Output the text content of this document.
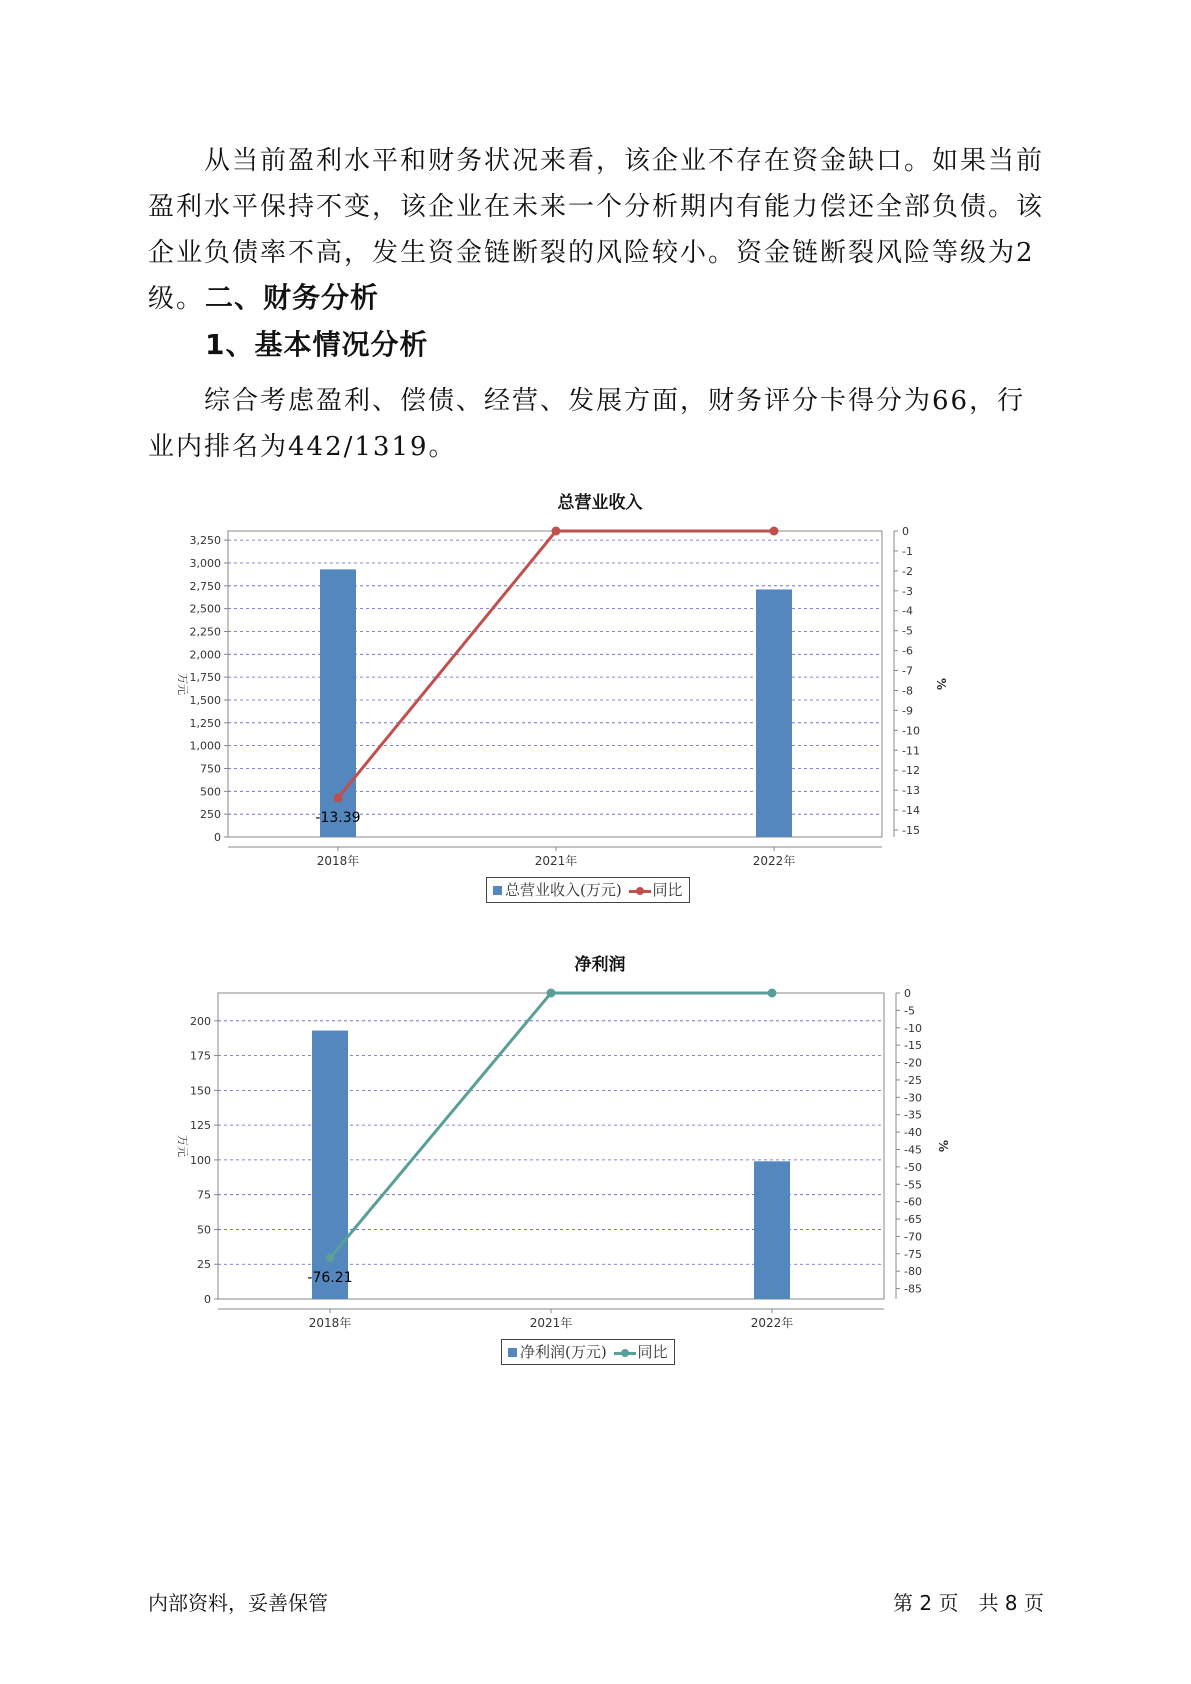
从当前盈利水平和财务状况来看，该企业不存在资金缺口。如果当前盈利水平保持不变，该企业在未来一个分析期内有能力偿还全部负债。该企业负债率不高，发生资金链断裂的风险较小。资金链断裂风险等级为2级。 二、财务分析
1、基本情况分析
综合考虑盈利、偿债、经营、发展方面，财务评分卡得分为66，行业内排名为442/1319。
总营业收入
0
250
500
750
1,000
1,250
1,500
1,750
2,000
2,250
2,500
2,750
3,000
3,250
万元
0
-1
-2
-3
-4
-5
-6
-7
-8
-9
-10
-11
-12
-13
-14
-15
%
2018年	2021年	2022年
-13.39
总营业收入(万元) 同比
净利润
0
25
50
75
100
125
150
175
200
万元
0
-5
-10
-15
-20
-25
-30
-35
-40
-45
-50
-55
-60
-65
-70
-75
-80
-85
%
2018年	2021年	2022年
-76.21
净利润(万元) 同比
内部资料，妥善保管	第 2 页　共 8 页
